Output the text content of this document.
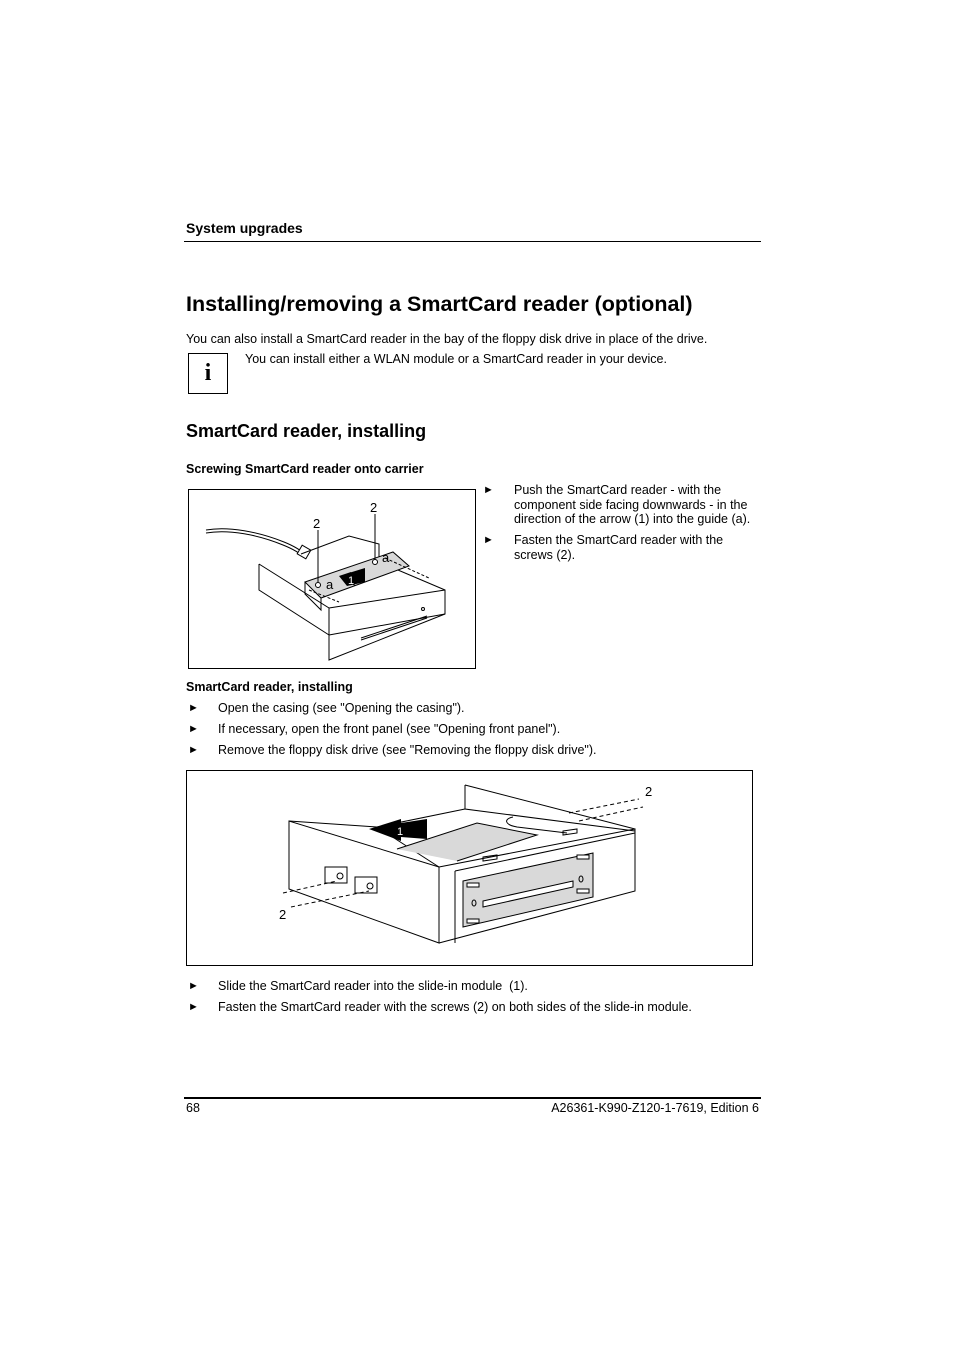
System upgrades
Installing/removing a SmartCard reader (optional)
You can also install a SmartCard reader in the bay of the floppy disk drive in place of the drive.
i
You can install either a WLAN module or a SmartCard reader in your device.
SmartCard reader, installing
Screwing SmartCard reader onto carrier
2
2
a
a 1
►	Push the SmartCard reader - with the component side facing downwards - in the direction of the arrow (1) into the guide (a).
►	Fasten the SmartCard reader with the screws (2).
SmartCard reader, installing
►	Open the casing (see "Opening the casing").
►	If necessary, open the front panel (see "Opening front panel").
►	Remove the floppy disk drive (see "Removing the floppy disk drive").
1
2
2
►	Slide the SmartCard reader into the slide-in module  (1).
►	Fasten the SmartCard reader with the screws (2) on both sides of the slide-in module.
68	A26361-K990-Z120-1-7619, Edition 6
